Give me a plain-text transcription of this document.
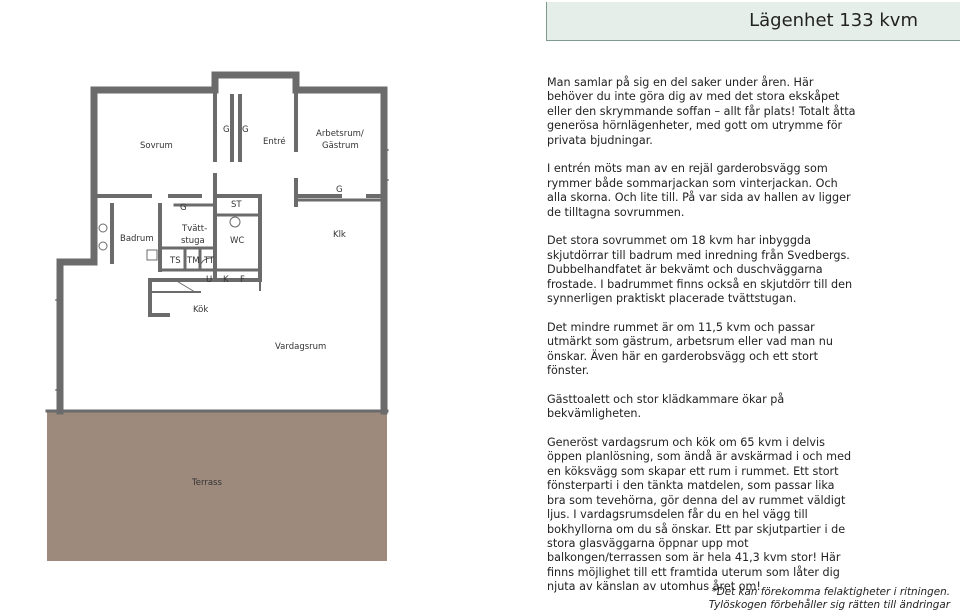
Lägenhet 133 kvm
Sovrum	Entré
Arbetsrum/
Gästrum
Badrum
Tvätt-
stuga	WC
Klk
Kök
Vardagsrum
Terrass
G G
G
G	ST
TS TM TT
U K F

Man samlar på sig en del saker under åren. Här behöver du inte göra dig av med det stora ekskåpet eller den skrymmande soffan – allt får plats! Totalt åtta generösa hörnlägenheter, med gott om utrymme för privata bjudningar.

I entrén möts man av en rejäl garderobsvägg som rymmer både sommarjackan som vinterjackan. Och alla skorna. Och lite till. På var sida av hallen av ligger de tilltagna sovrummen.

Det stora sovrummet om 18 kvm har inbyggda skjutdörrar till badrum med inredning från Svedbergs. Dubbelhandfatet är bekvämt och duschväggarna frostade. I badrummet finns också en skjutdörr till den synnerligen praktiskt placerade tvättstugan.

Det mindre rummet är om 11,5 kvm och passar utmärkt som gästrum, arbetsrum eller vad man nu önskar. Även här en garderobsvägg och ett stort fönster.

Gästtoalett och stor klädkammare ökar på bekvämligheten.

Generöst vardagsrum och kök om 65 kvm i delvis öppen planlösning, som ändå är avskärmad i och med en köksvägg som skapar ett rum i rummet. Ett stort fönsterparti i den tänkta matdelen, som passar lika bra som tevehörna, gör denna del av rummet väldigt ljus. I vardagsrumsdelen får du en hel vägg till bokhyllorna om du så önskar. Ett par skjutpartier i de stora glasväggarna öppnar upp mot balkongen/terrassen som är hela 41,3 kvm stor! Här finns möjlighet till ett framtida uterum som låter dig njuta av känslan av utomhus året om!

*Det kan förekomma felaktigheter i ritningen.
Tylöskogen förbehåller sig rätten till ändringar
